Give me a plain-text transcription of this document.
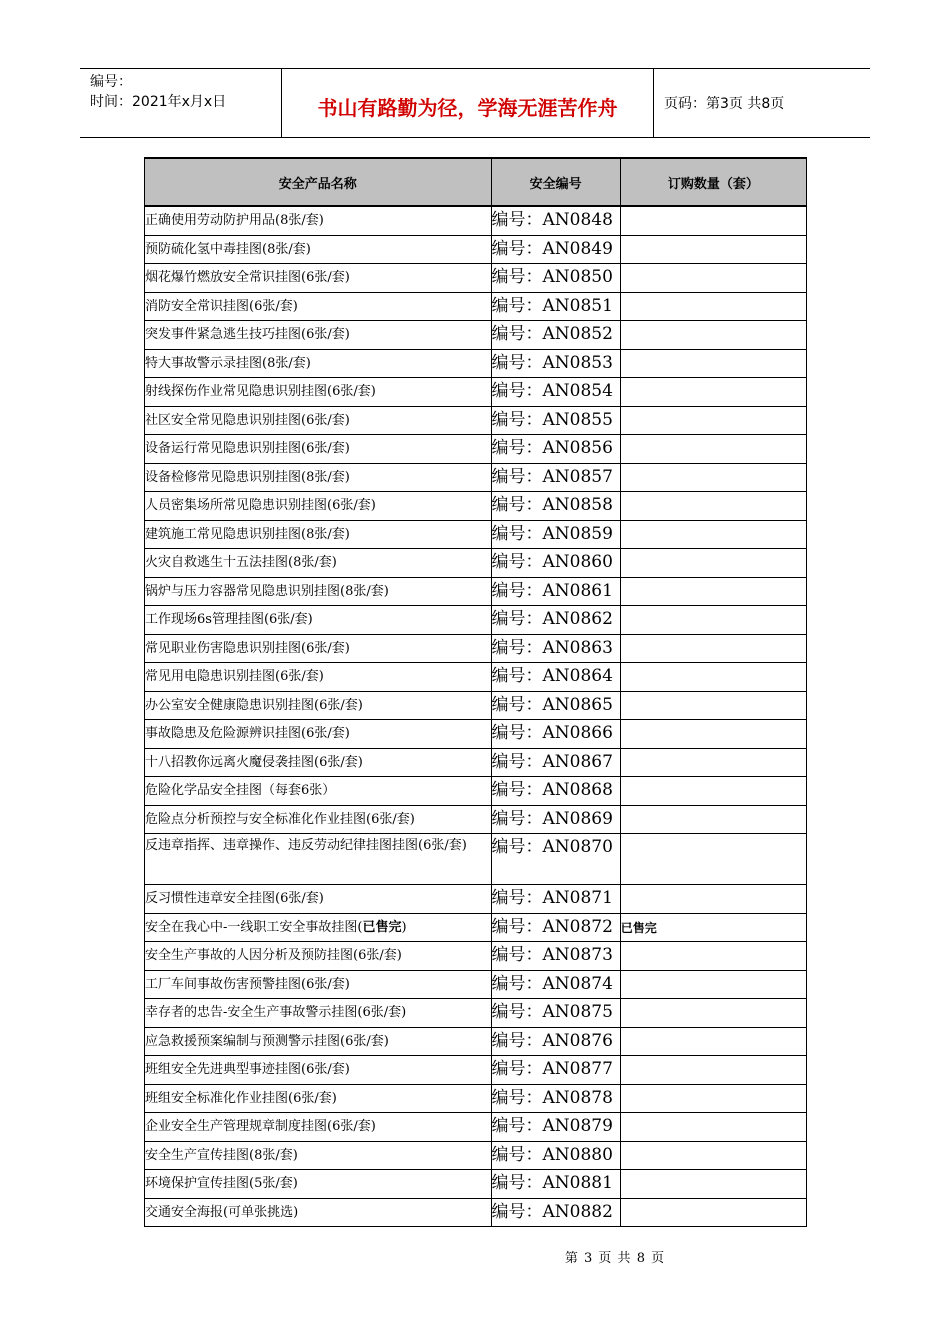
编号：
时间：2021年x月x日	书山有路勤为径，学海无涯苦作舟	页码：第3页 共8页
安全产品名称	安全编号	订购数量（套）
正确使用劳动防护用品(8张/套)	编号：AN0848	
预防硫化氢中毒挂图(8张/套)	编号：AN0849	
烟花爆竹燃放安全常识挂图(6张/套)	编号：AN0850	
消防安全常识挂图(6张/套)	编号：AN0851	
突发事件紧急逃生技巧挂图(6张/套)	编号：AN0852	
特大事故警示录挂图(8张/套)	编号：AN0853	
射线探伤作业常见隐患识别挂图(6张/套)	编号：AN0854	
社区安全常见隐患识别挂图(6张/套)	编号：AN0855	
设备运行常见隐患识别挂图(6张/套)	编号：AN0856	
设备检修常见隐患识别挂图(8张/套)	编号：AN0857	
人员密集场所常见隐患识别挂图(6张/套)	编号：AN0858	
建筑施工常见隐患识别挂图(8张/套)	编号：AN0859	
火灾自救逃生十五法挂图(8张/套)	编号：AN0860	
锅炉与压力容器常见隐患识别挂图(8张/套)	编号：AN0861	
工作现场6s管理挂图(6张/套)	编号：AN0862	
常见职业伤害隐患识别挂图(6张/套)	编号：AN0863	
常见用电隐患识别挂图(6张/套)	编号：AN0864	
办公室安全健康隐患识别挂图(6张/套)	编号：AN0865	
事故隐患及危险源辨识挂图(6张/套)	编号：AN0866	
十八招教你远离火魔侵袭挂图(6张/套)	编号：AN0867	
危险化学品安全挂图（每套6张）	编号：AN0868	
危险点分析预控与安全标准化作业挂图(6张/套)	编号：AN0869	
反违章指挥、违章操作、违反劳动纪律挂图挂图(6张/套)	编号：AN0870	
反习惯性违章安全挂图(6张/套)	编号：AN0871	
安全在我心中-一线职工安全事故挂图(已售完)	编号：AN0872	已售完
安全生产事故的人因分析及预防挂图(6张/套)	编号：AN0873	
工厂车间事故伤害预警挂图(6张/套)	编号：AN0874	
幸存者的忠告-安全生产事故警示挂图(6张/套)	编号：AN0875	
应急救援预案编制与预测警示挂图(6张/套)	编号：AN0876	
班组安全先进典型事迹挂图(6张/套)	编号：AN0877	
班组安全标准化作业挂图(6张/套)	编号：AN0878	
企业安全生产管理规章制度挂图(6张/套)	编号：AN0879	
安全生产宣传挂图(8张/套)	编号：AN0880	
环境保护宣传挂图(5张/套)	编号：AN0881	
交通安全海报(可单张挑选)	编号：AN0882	
第 3 页 共 8 页
